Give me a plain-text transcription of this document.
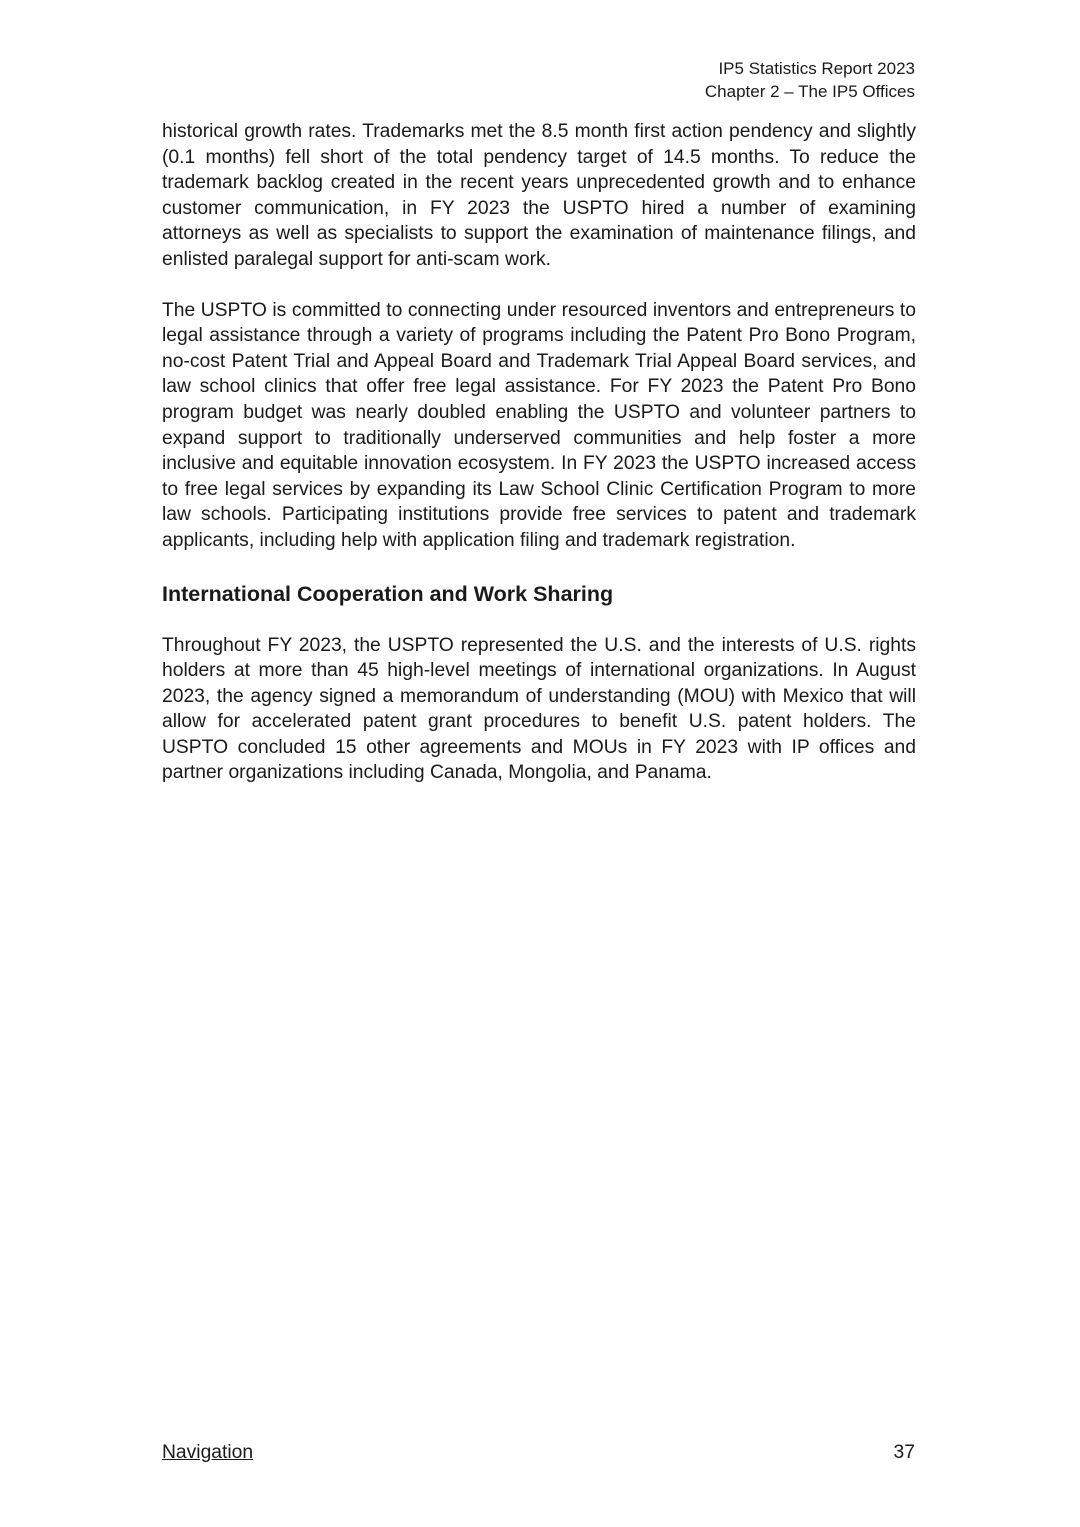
IP5 Statistics Report 2023
Chapter 2 – The IP5 Offices

historical growth rates. Trademarks met the 8.5 month first action pendency and slightly (0.1 months) fell short of the total pendency target of 14.5 months. To reduce the trademark backlog created in the recent years unprecedented growth and to enhance customer communication, in FY 2023 the USPTO hired a number of examining attorneys as well as specialists to support the examination of maintenance filings, and enlisted paralegal support for anti-scam work.

The USPTO is committed to connecting under resourced inventors and entrepreneurs to legal assistance through a variety of programs including the Patent Pro Bono Program, no-cost Patent Trial and Appeal Board and Trademark Trial Appeal Board services, and law school clinics that offer free legal assistance. For FY 2023 the Patent Pro Bono program budget was nearly doubled enabling the USPTO and volunteer partners to expand support to traditionally underserved communities and help foster a more inclusive and equitable innovation ecosystem. In FY 2023 the USPTO increased access to free legal services by expanding its Law School Clinic Certification Program to more law schools. Participating institutions provide free services to patent and trademark applicants, including help with application filing and trademark registration.

International Cooperation and Work Sharing

Throughout FY 2023, the USPTO represented the U.S. and the interests of U.S. rights holders at more than 45 high-level meetings of international organizations. In August 2023, the agency signed a memorandum of understanding (MOU) with Mexico that will allow for accelerated patent grant procedures to benefit U.S. patent holders. The USPTO concluded 15 other agreements and MOUs in FY 2023 with IP offices and partner organizations including Canada, Mongolia, and Panama.

Navigation	37
